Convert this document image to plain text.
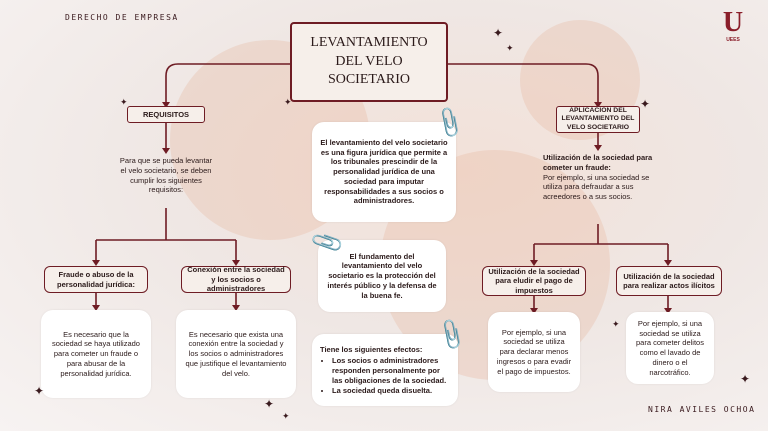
DERECHO DE EMPRESA	U
UEES
LEVANTAMIENTO DEL VELO SOCIETARIO
REQUISITOS
Para que se pueda levantar el velo societario, se deben cumplir los siguientes requisitos:
Fraude o abuso de la personalidad jurídica:
Conexión entre la sociedad y los socios o administradores
Es necesario que la sociedad se haya utilizado para cometer un fraude o para abusar de la personalidad jurídica.
Es necesario que exista una conexión entre la sociedad y los socios o administradores que justifique el levantamiento del velo.
El levantamiento del velo societario es una figura jurídica que permite a los tribunales prescindir de la personalidad jurídica de una sociedad para imputar responsabilidades a sus socios o administradores.
El fundamento del levantamiento del velo societario es la protección del interés público y la defensa de la buena fe.
Tiene los siguientes efectos:
• Los socios o administradores responden personalmente por las obligaciones de la sociedad.
• La sociedad queda disuelta.
APLICACION DEL LEVANTAMIENTO DEL VELO SOCIETARIO
Utilización de la sociedad para cometer un fraude:
Por ejemplo, si una sociedad se utiliza para defraudar a sus acreedores o a sus socios.
Utilización de la sociedad para eludir el pago de impuestos
Utilización de la sociedad para realizar actos ilícitos
Por ejemplo, si una sociedad se utiliza para declarar menos ingresos o para evadir el pago de impuestos.
Por ejemplo, si una sociedad se utiliza para cometer delitos como el lavado de dinero o el narcotráfico.
📎
📎
📎
✦
✦
✦	✦
✦
✦
✦
✦
✦
✦
NIRA AVILES OCHOA
